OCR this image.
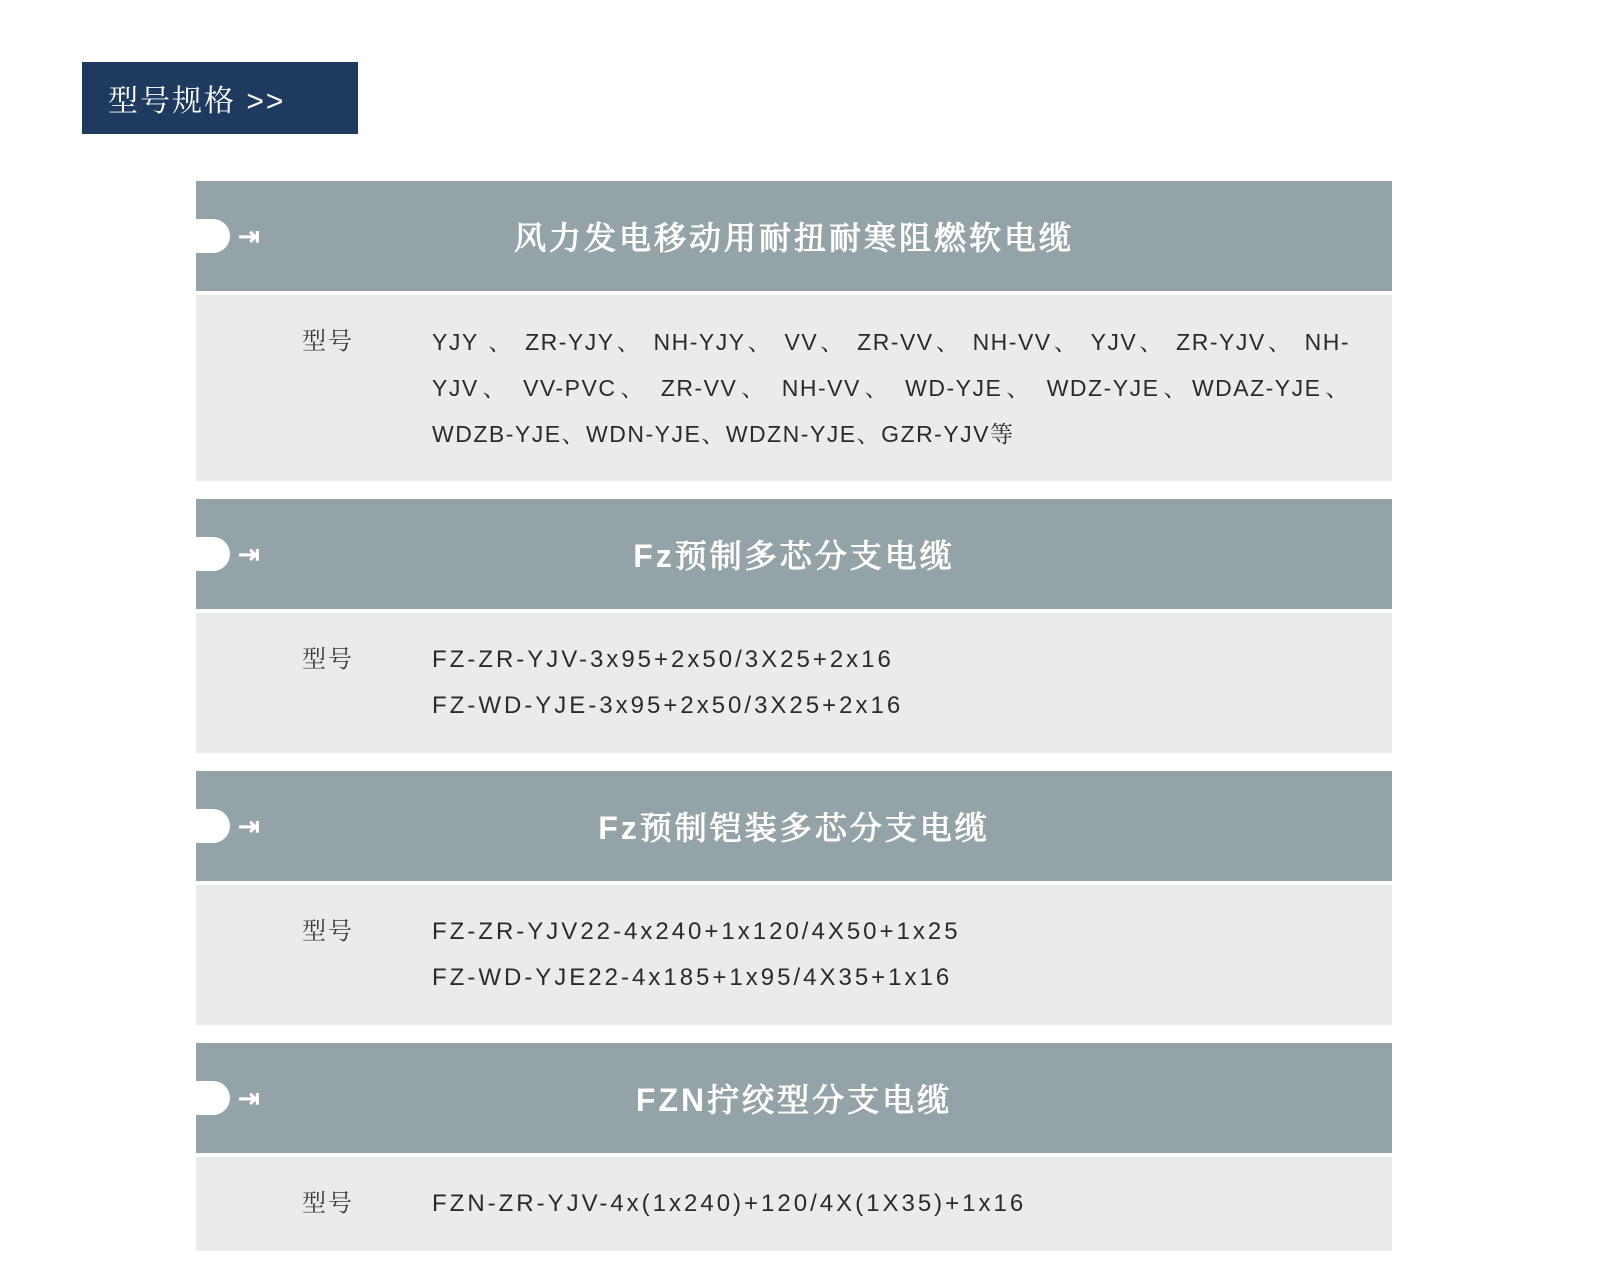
型号规格 >>
⇥	风力发电移动用耐扭耐寒阻燃软电缆
型号	YJY 、 ZR-YJY、 NH-YJY、 VV、 ZR-VV、 NH-VV、 YJV、 ZR-YJV、 NH-YJV、 VV-PVC、 ZR-VV、 NH-VV、 WD-YJE、 WDZ-YJE、WDAZ-YJE、WDZB-YJE、WDN-YJE、WDZN-YJE、GZR-YJV等
⇥	Fz预制多芯分支电缆
型号	FZ-ZR-YJV-3x95+2x50/3X25+2x16
FZ-WD-YJE-3x95+2x50/3X25+2x16
⇥	Fz预制铠装多芯分支电缆
型号	FZ-ZR-YJV22-4x240+1x120/4X50+1x25
FZ-WD-YJE22-4x185+1x95/4X35+1x16
⇥	FZN拧绞型分支电缆
型号	FZN-ZR-YJV-4x(1x240)+120/4X(1X35)+1x16
